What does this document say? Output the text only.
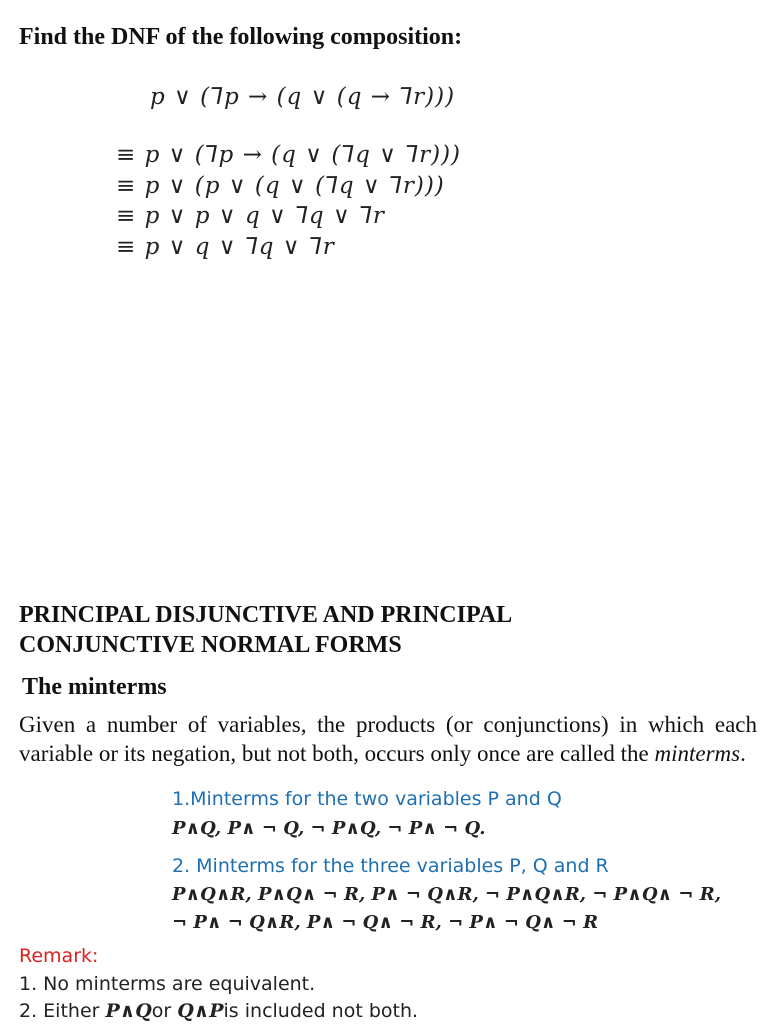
Find the DNF of the following composition:
p ∨ (⅂p → (q ∨ (q → ⅂r)))
≡ p ∨ (⅂p → (q ∨ (⅂q ∨ ⅂r)))
≡ p ∨ (p ∨ (q ∨ (⅂q ∨ ⅂r)))
≡ p ∨ p ∨ q ∨ ⅂q ∨ ⅂r
≡ p ∨ q ∨ ⅂q ∨ ⅂r
PRINCIPAL DISJUNCTIVE AND PRINCIPAL
CONJUNCTIVE NORMAL FORMS
The minterms
Given a number of variables, the products (or conjunctions) in which each variable or its negation, but not both, occurs only once are called the minterms.
1.Minterms for the two variables P and Q
P∧Q, P∧ ¬ Q, ¬ P∧Q, ¬ P∧ ¬ Q.
2. Minterms for the three variables P, Q and R
P∧Q∧R, P∧Q∧ ¬ R, P∧ ¬ Q∧R, ¬ P∧Q∧R, ¬ P∧Q∧ ¬ R,
¬ P∧ ¬ Q∧R, P∧ ¬ Q∧ ¬ R, ¬ P∧ ¬ Q∧ ¬ R
Remark:
1. No minterms are equivalent.
2. Either P∧Qor Q∧Pis included not both.
